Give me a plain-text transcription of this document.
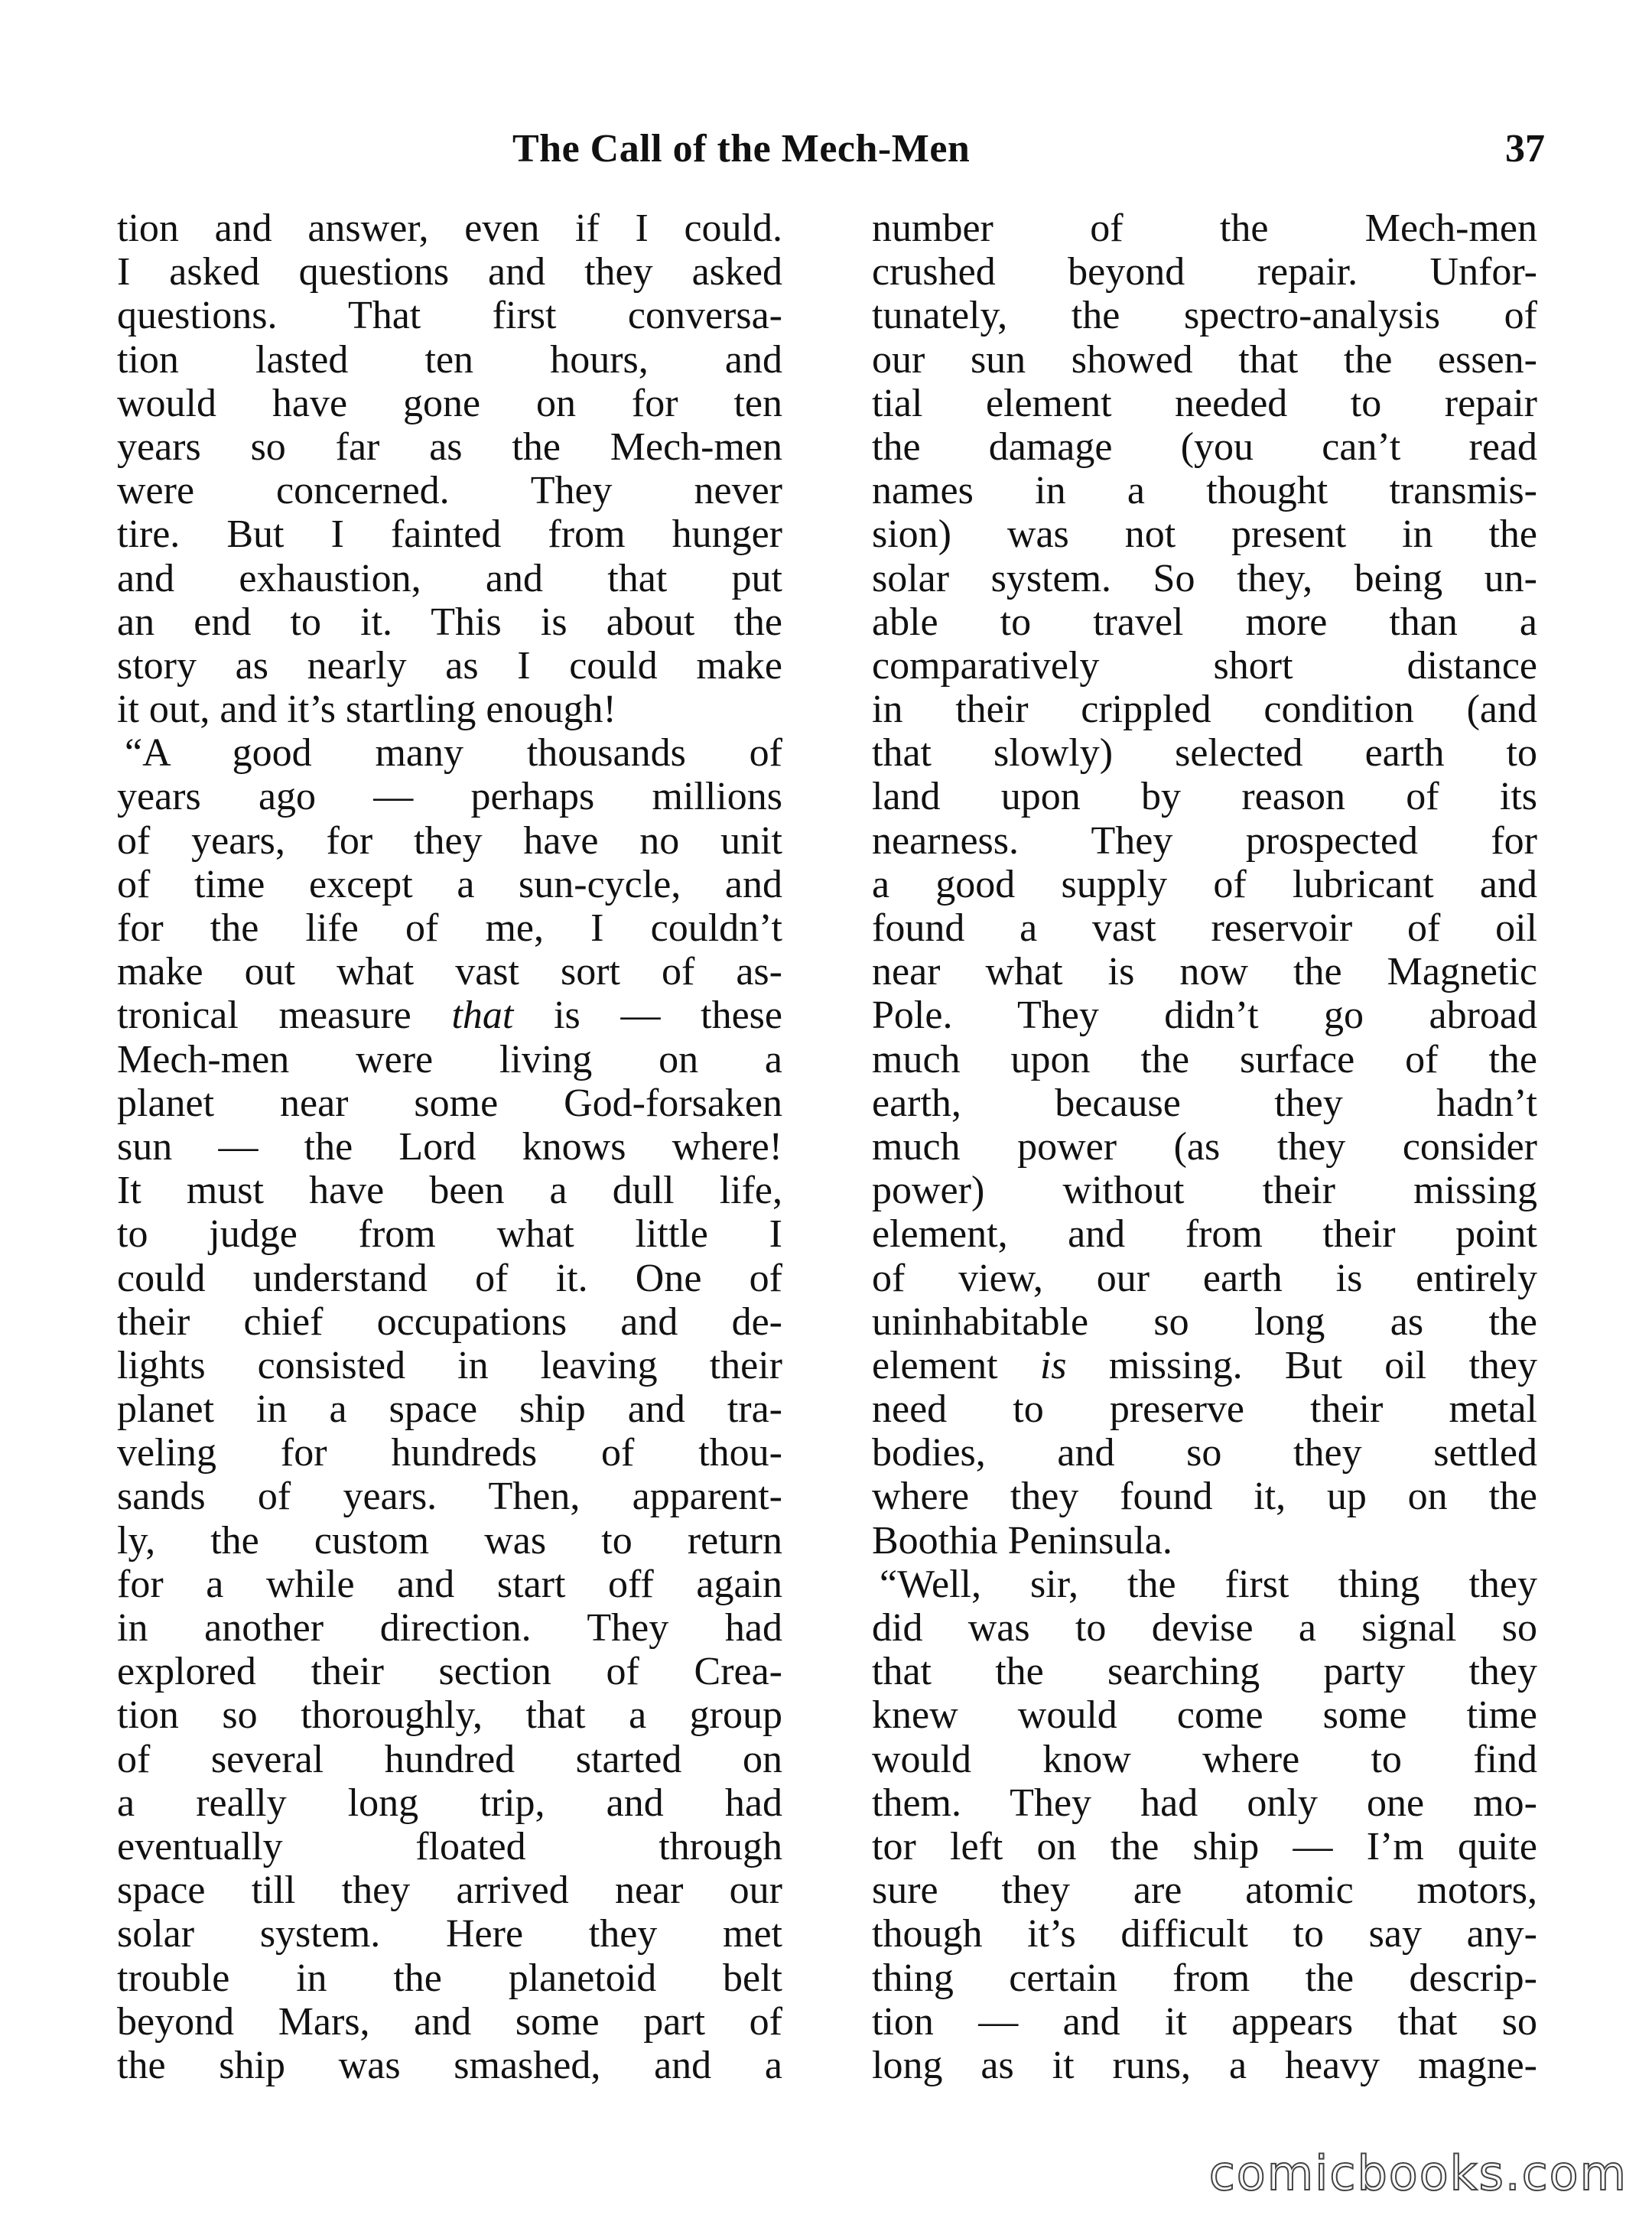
The Call of the Mech-Men	37
tion and answer, even if I could.
I asked questions and they asked
questions. That first conversa-
tion lasted ten hours, and
would have gone on for ten
years so far as the Mech-men
were concerned. They never
tire. But I fainted from hunger
and exhaustion, and that put
an end to it. This is about the
story as nearly as I could make
it out, and it’s startling enough!
“A good many thousands of
years ago — perhaps millions
of years, for they have no unit
of time except a sun-cycle, and
for the life of me, I couldn’t
make out what vast sort of as-
tronical measure that is — these
Mech-men were living on a
planet near some God-forsaken
sun — the Lord knows where!
It must have been a dull life,
to judge from what little I
could understand of it. One of
their chief occupations and de-
lights consisted in leaving their
planet in a space ship and tra-
veling for hundreds of thou-
sands of years. Then, apparent-
ly, the custom was to return
for a while and start off again
in another direction. They had
explored their section of Crea-
tion so thoroughly, that a group
of several hundred started on
a really long trip, and had
eventually floated through
space till they arrived near our
solar system. Here they met
trouble in the planetoid belt
beyond Mars, and some part of
the ship was smashed, and a
number of the Mech-men
crushed beyond repair. Unfor-
tunately, the spectro-analysis of
our sun showed that the essen-
tial element needed to repair
the damage (you can’t read
names in a thought transmis-
sion) was not present in the
solar system. So they, being un-
able to travel more than a
comparatively short distance
in their crippled condition (and
that slowly) selected earth to
land upon by reason of its
nearness. They prospected for
a good supply of lubricant and
found a vast reservoir of oil
near what is now the Magnetic
Pole. They didn’t go abroad
much upon the surface of the
earth, because they hadn’t
much power (as they consider
power) without their missing
element, and from their point
of view, our earth is entirely
uninhabitable so long as the
element is missing. But oil they
need to preserve their metal
bodies, and so they settled
where they found it, up on the
Boothia Peninsula.
“Well, sir, the first thing they
did was to devise a signal so
that the searching party they
knew would come some time
would know where to find
them. They had only one mo-
tor left on the ship — I’m quite
sure they are atomic motors,
though it’s difficult to say any-
thing certain from the descrip-
tion — and it appears that so
long as it runs, a heavy magne-
comicbooks.com
